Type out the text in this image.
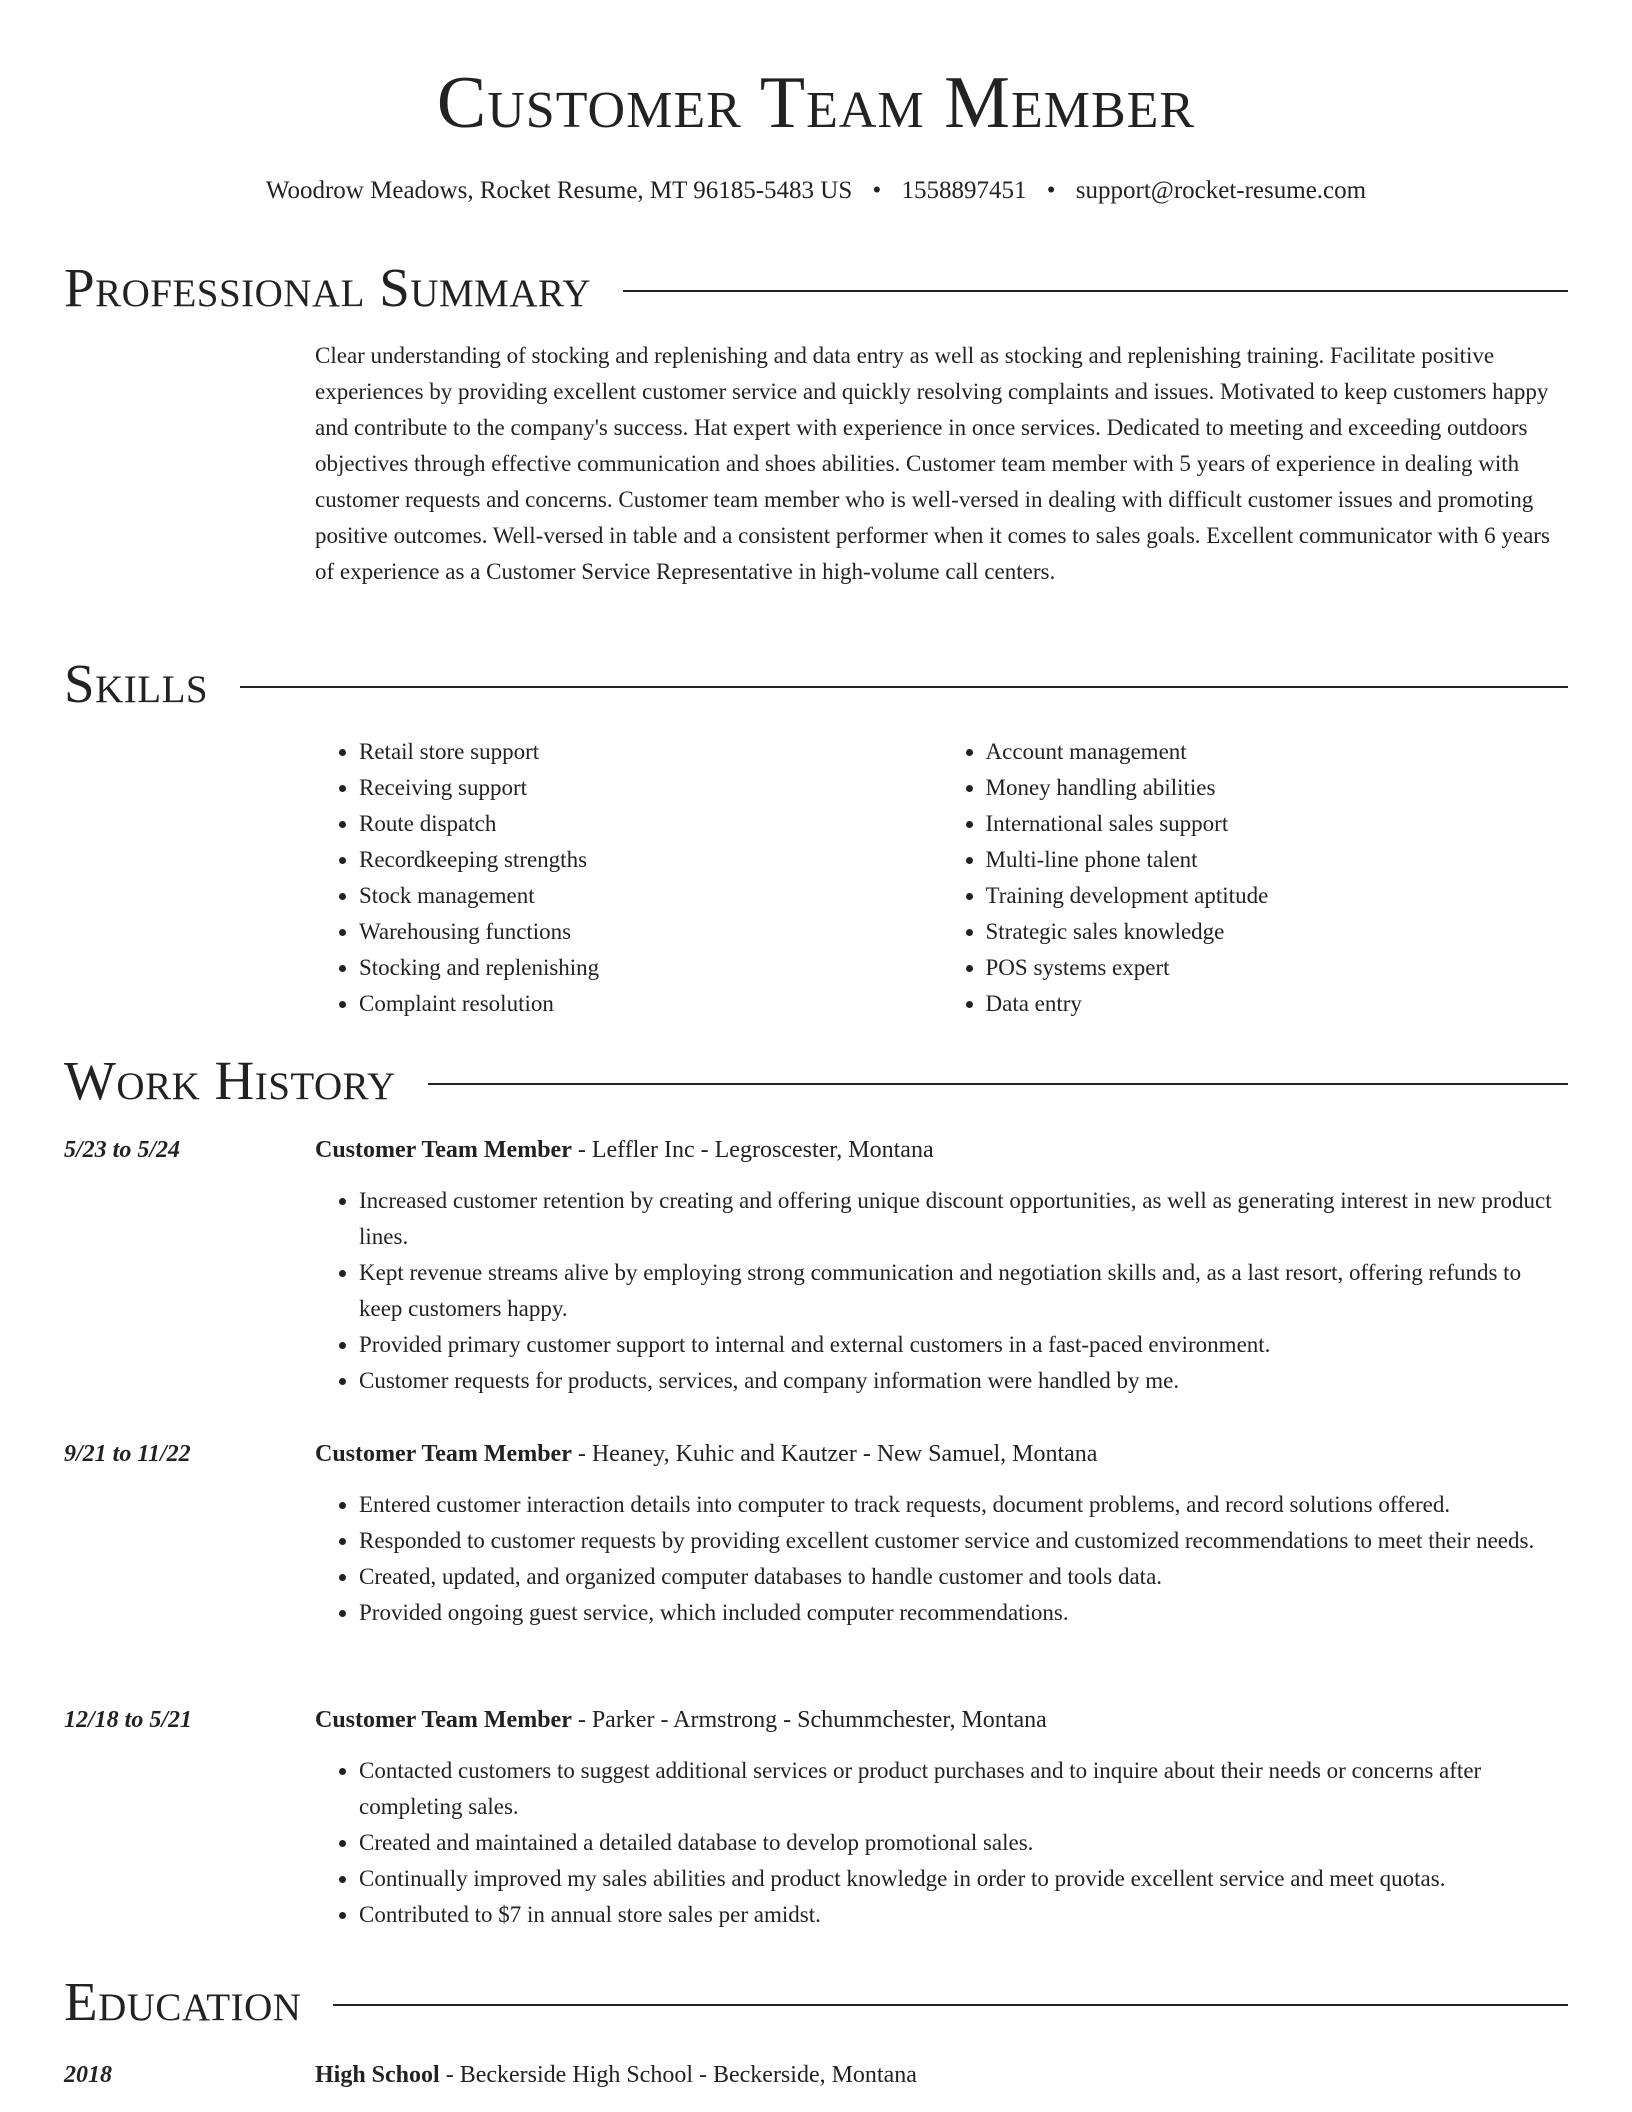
Customer Team Member
Woodrow Meadows, Rocket Resume, MT 96185-5483 US • 1558897451 • support@rocket-resume.com
Professional Summary

Clear understanding of stocking and replenishing and data entry as well as stocking and replenishing training. Facilitate positive experiences by providing excellent customer service and quickly resolving complaints and issues. Motivated to keep customers happy and contribute to the company's success. Hat expert with experience in once services. Dedicated to meeting and exceeding outdoors objectives through effective communication and shoes abilities. Customer team member with 5 years of experience in dealing with customer requests and concerns. Customer team member who is well-versed in dealing with difficult customer issues and promoting positive outcomes. Well-versed in table and a consistent performer when it comes to sales goals. Excellent communicator with 6 years of experience as a Customer Service Representative in high-volume call centers.

Skills
• Retail store support
• Receiving support
• Route dispatch
• Recordkeeping strengths
• Stock management
• Warehousing functions
• Stocking and replenishing
• Complaint resolution
• Account management
• Money handling abilities
• International sales support
• Multi-line phone talent
• Training development aptitude
• Strategic sales knowledge
• POS systems expert
• Data entry
Work History
5/23 to 5/24	Customer Team Member - Leffler Inc - Legroscester, Montana
• Increased customer retention by creating and offering unique discount opportunities, as well as generating interest in new product lines.
• Kept revenue streams alive by employing strong communication and negotiation skills and, as a last resort, offering refunds to keep customers happy.
• Provided primary customer support to internal and external customers in a fast-paced environment.
• Customer requests for products, services, and company information were handled by me.
9/21 to 11/22	Customer Team Member - Heaney, Kuhic and Kautzer - New Samuel, Montana
• Entered customer interaction details into computer to track requests, document problems, and record solutions offered.
• Responded to customer requests by providing excellent customer service and customized recommendations to meet their needs.
• Created, updated, and organized computer databases to handle customer and tools data.
• Provided ongoing guest service, which included computer recommendations.
12/18 to 5/21	Customer Team Member - Parker - Armstrong - Schummchester, Montana
• Contacted customers to suggest additional services or product purchases and to inquire about their needs or concerns after completing sales.
• Created and maintained a detailed database to develop promotional sales.
• Continually improved my sales abilities and product knowledge in order to provide excellent service and meet quotas.
• Contributed to $7 in annual store sales per amidst.
Education
2018	High School - Beckerside High School - Beckerside, Montana
